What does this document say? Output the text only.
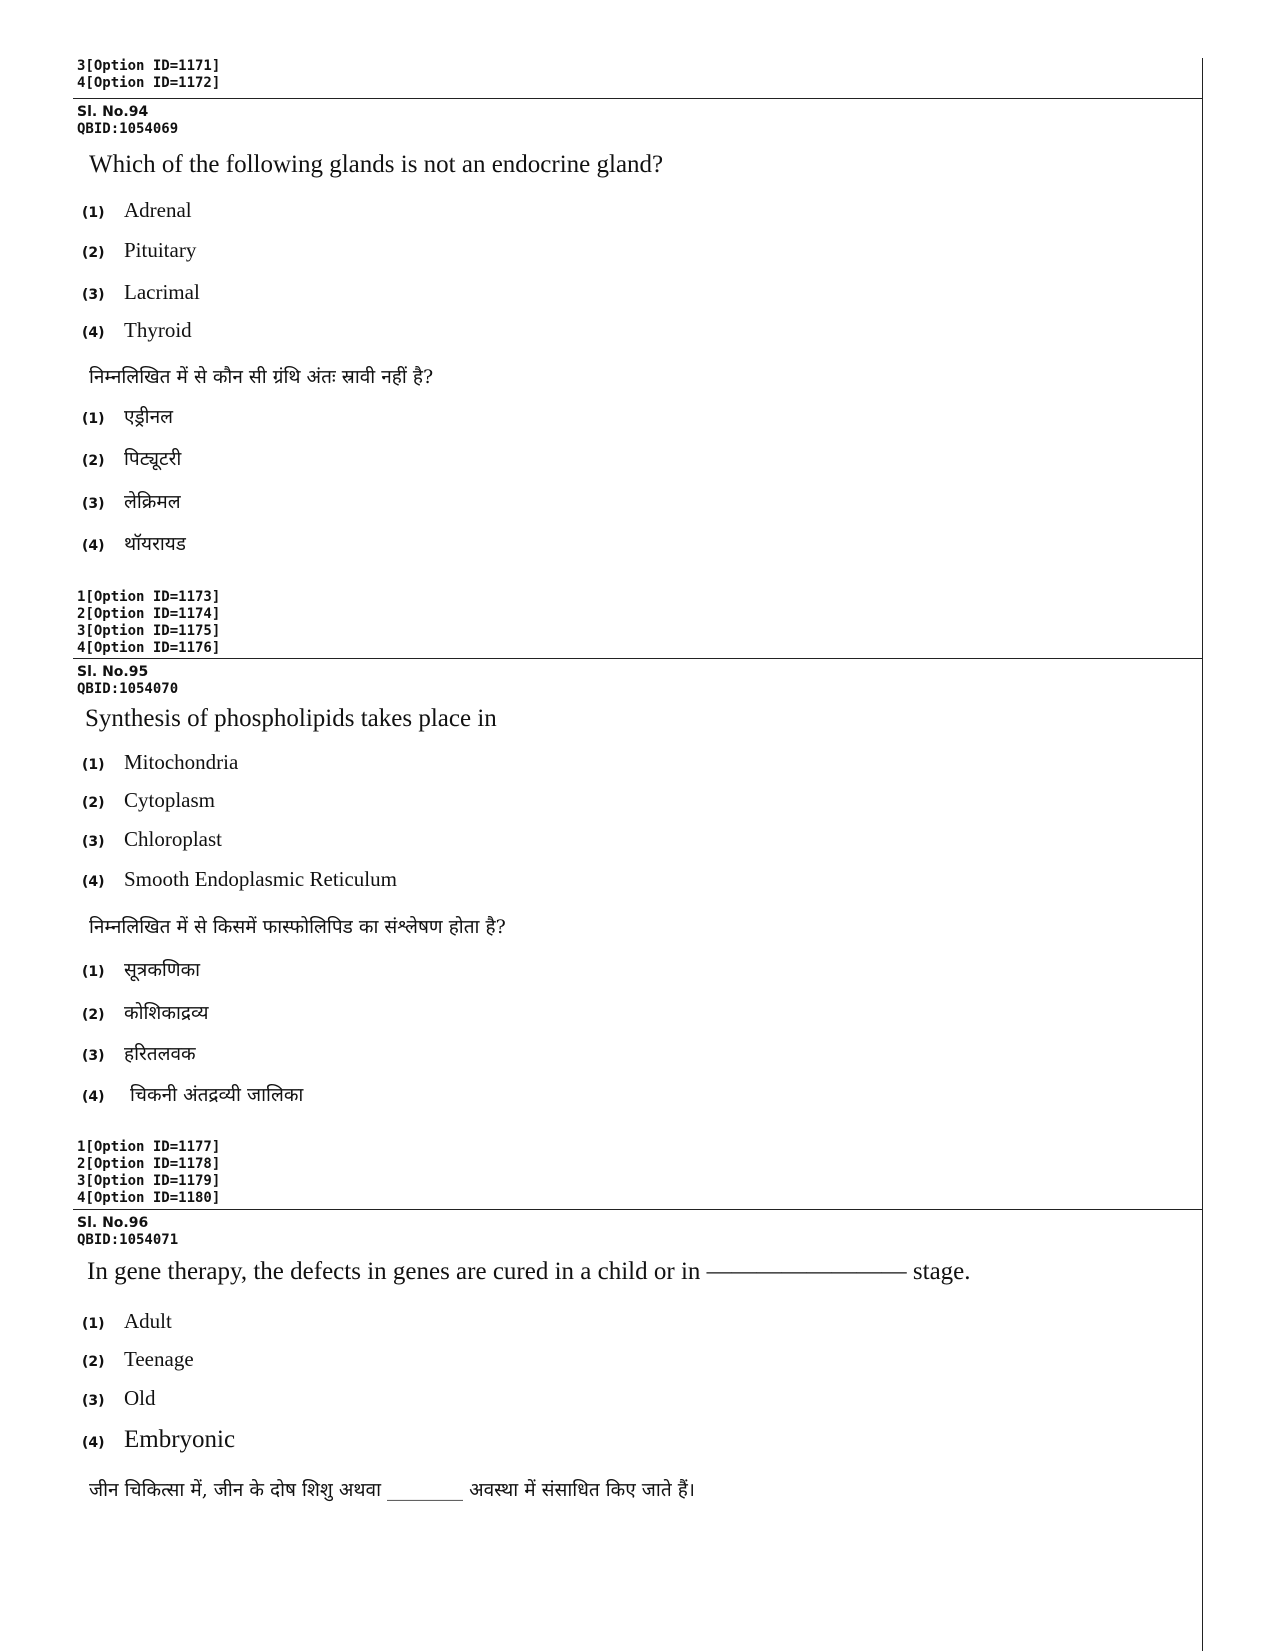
3[Option ID=1171]
4[Option ID=1172]
Sl. No.94
QBID:1054069
Which of the following glands is not an endocrine gland?
(1) Adrenal
(2) Pituitary
(3) Lacrimal
(4) Thyroid
निम्नलिखित में से कौन सी ग्रंथि अंतः स्रावी नहीं है?
(1)	एड्रीनल
(2)	पिट्यूटरी
(3)	लेक्रिमल
(4)	थॉयरायड
1[Option ID=1173]
2[Option ID=1174]
3[Option ID=1175]
4[Option ID=1176]
Sl. No.95
QBID:1054070
Synthesis of phospholipids takes place in
(1) Mitochondria
(2) Cytoplasm
(3) Chloroplast
(4) Smooth Endoplasmic Reticulum
निम्नलिखित में से किसमें फास्फोलिपिड का संश्लेषण होता है?
(1)	सूत्रकणिका
(2)	कोशिकाद्रव्य
(3)	हरितलवक
(4)	चिकनी अंतद्रव्यी जालिका
1[Option ID=1177]
2[Option ID=1178]
3[Option ID=1179]
4[Option ID=1180]
Sl. No.96
QBID:1054071
In gene therapy, the defects in genes are cured in a child or in ———————— stage.
(1) Adult
(2) Teenage
(3) Old
(4) Embryonic
जीन चिकित्सा में, जीन के दोष शिशु अथवा ________ अवस्था में संसाधित किए जाते हैं।
